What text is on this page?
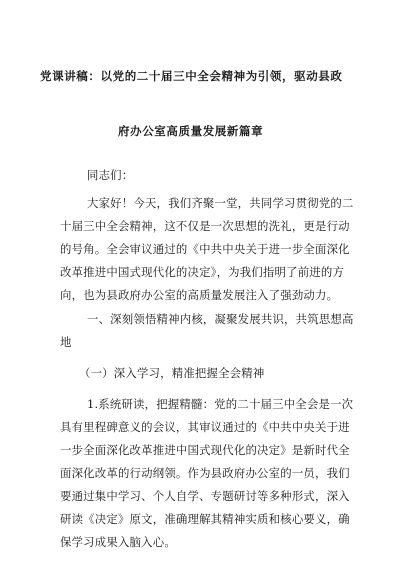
党课讲稿：以党的二十届三中全会精神为引领，驱动县政
府办公室高质量发展新篇章
同志们：
大家好！今天，我们齐聚一堂，共同学习贯彻党的二
十届三中全会精神，这不仅是一次思想的洗礼，更是行动
的号角。全会审议通过的《中共中央关于进一步全面深化
改革推进中国式现代化的决定》，为我们指明了前进的方
向，也为县政府办公室的高质量发展注入了强劲动力。
一、深刻领悟精神内核，凝聚发展共识，共筑思想高
地
（一）深入学习，精准把握全会精神
1.系统研读，把握精髓：党的二十届三中全会是一次
具有里程碑意义的会议，其审议通过的《中共中央关于进
一步全面深化改革推进中国式现代化的决定》是新时代全
面深化改革的行动纲领。作为县政府办公室的一员，我们
要通过集中学习、个人自学、专题研讨等多种形式，深入
研读《决定》原文，准确理解其精神实质和核心要义，确
保学习成果入脑入心。
